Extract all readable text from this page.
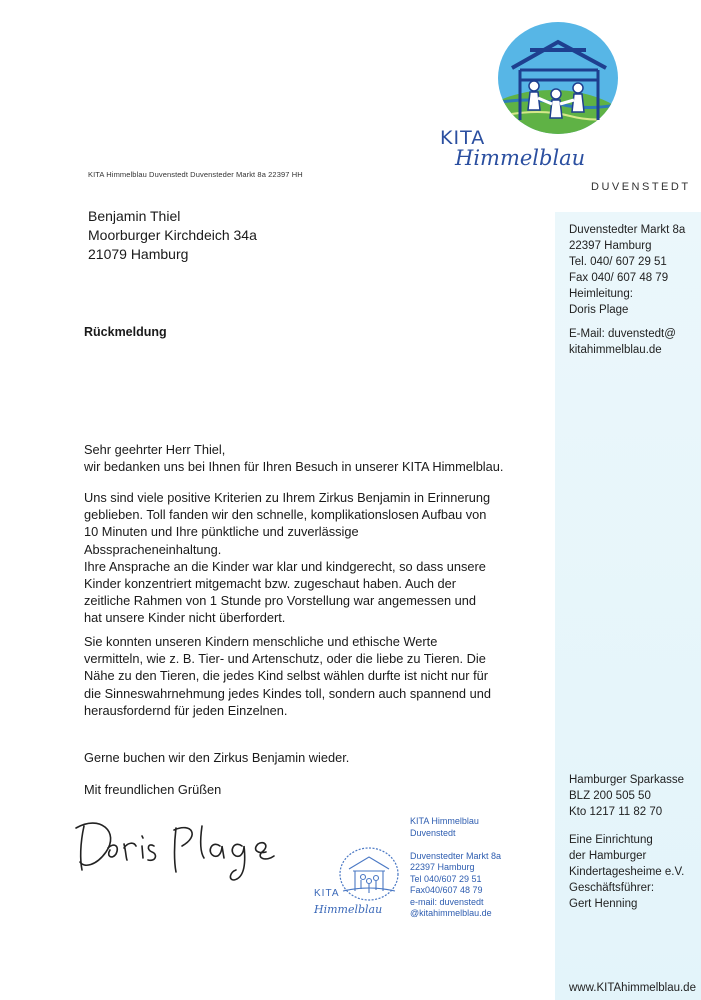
KITA
Himmelblau
DUVENSTEDT
KITA Himmelblau Duvenstedt Duvensteder Markt 8a 22397 HH
Benjamin Thiel
Moorburger Kirchdeich 34a
21079 Hamburg
Duvenstedter Markt 8a
22397 Hamburg
Tel. 040/ 607 29 51
Fax 040/ 607 48 79
Heimleitung:
Doris Plage
E-Mail: duvenstedt@
kitahimmelblau.de
Hamburger Sparkasse
BLZ 200 505 50
Kto 1217 11 82 70
Eine Einrichtung
der Hamburger
Kindertagesheime e.V.
Geschäftsführer:
Gert Henning
www.KITAhimmelblau.de
Rückmeldung
Sehr geehrter Herr Thiel,
wir bedanken uns bei Ihnen für Ihren Besuch in unserer KITA Himmelblau.
Uns sind viele positive Kriterien zu Ihrem Zirkus Benjamin in Erinnerung
geblieben. Toll fanden wir den schnelle, komplikationslosen Aufbau von
10 Minuten und Ihre pünktliche und zuverlässige
Absspracheneinhaltung.
Ihre Ansprache an die Kinder war klar und kindgerecht, so dass unsere
Kinder konzentriert mitgemacht bzw. zugeschaut haben. Auch der
zeitliche Rahmen von 1 Stunde pro Vorstellung war angemessen und
hat unsere Kinder nicht überfordert.
Sie konnten unseren Kindern menschliche und ethische Werte
vermitteln, wie z. B. Tier- und Artenschutz, oder die liebe zu Tieren. Die
Nähe zu den Tieren, die jedes Kind selbst wählen durfte ist nicht nur für
die Sinneswahrnehmung jedes Kindes toll, sondern auch spannend und
herausfordernd für jeden Einzelnen.
Gerne buchen wir den Zirkus Benjamin wieder.
Mit freundlichen Grüßen
KITA
Himmelblau
KITA Himmelblau
Duvenstedt
Duvenstedter Markt 8a
22397 Hamburg
Tel 040/607 29 51
Fax040/607 48 79
e-mail: duvenstedt
@kitahimmelblau.de
